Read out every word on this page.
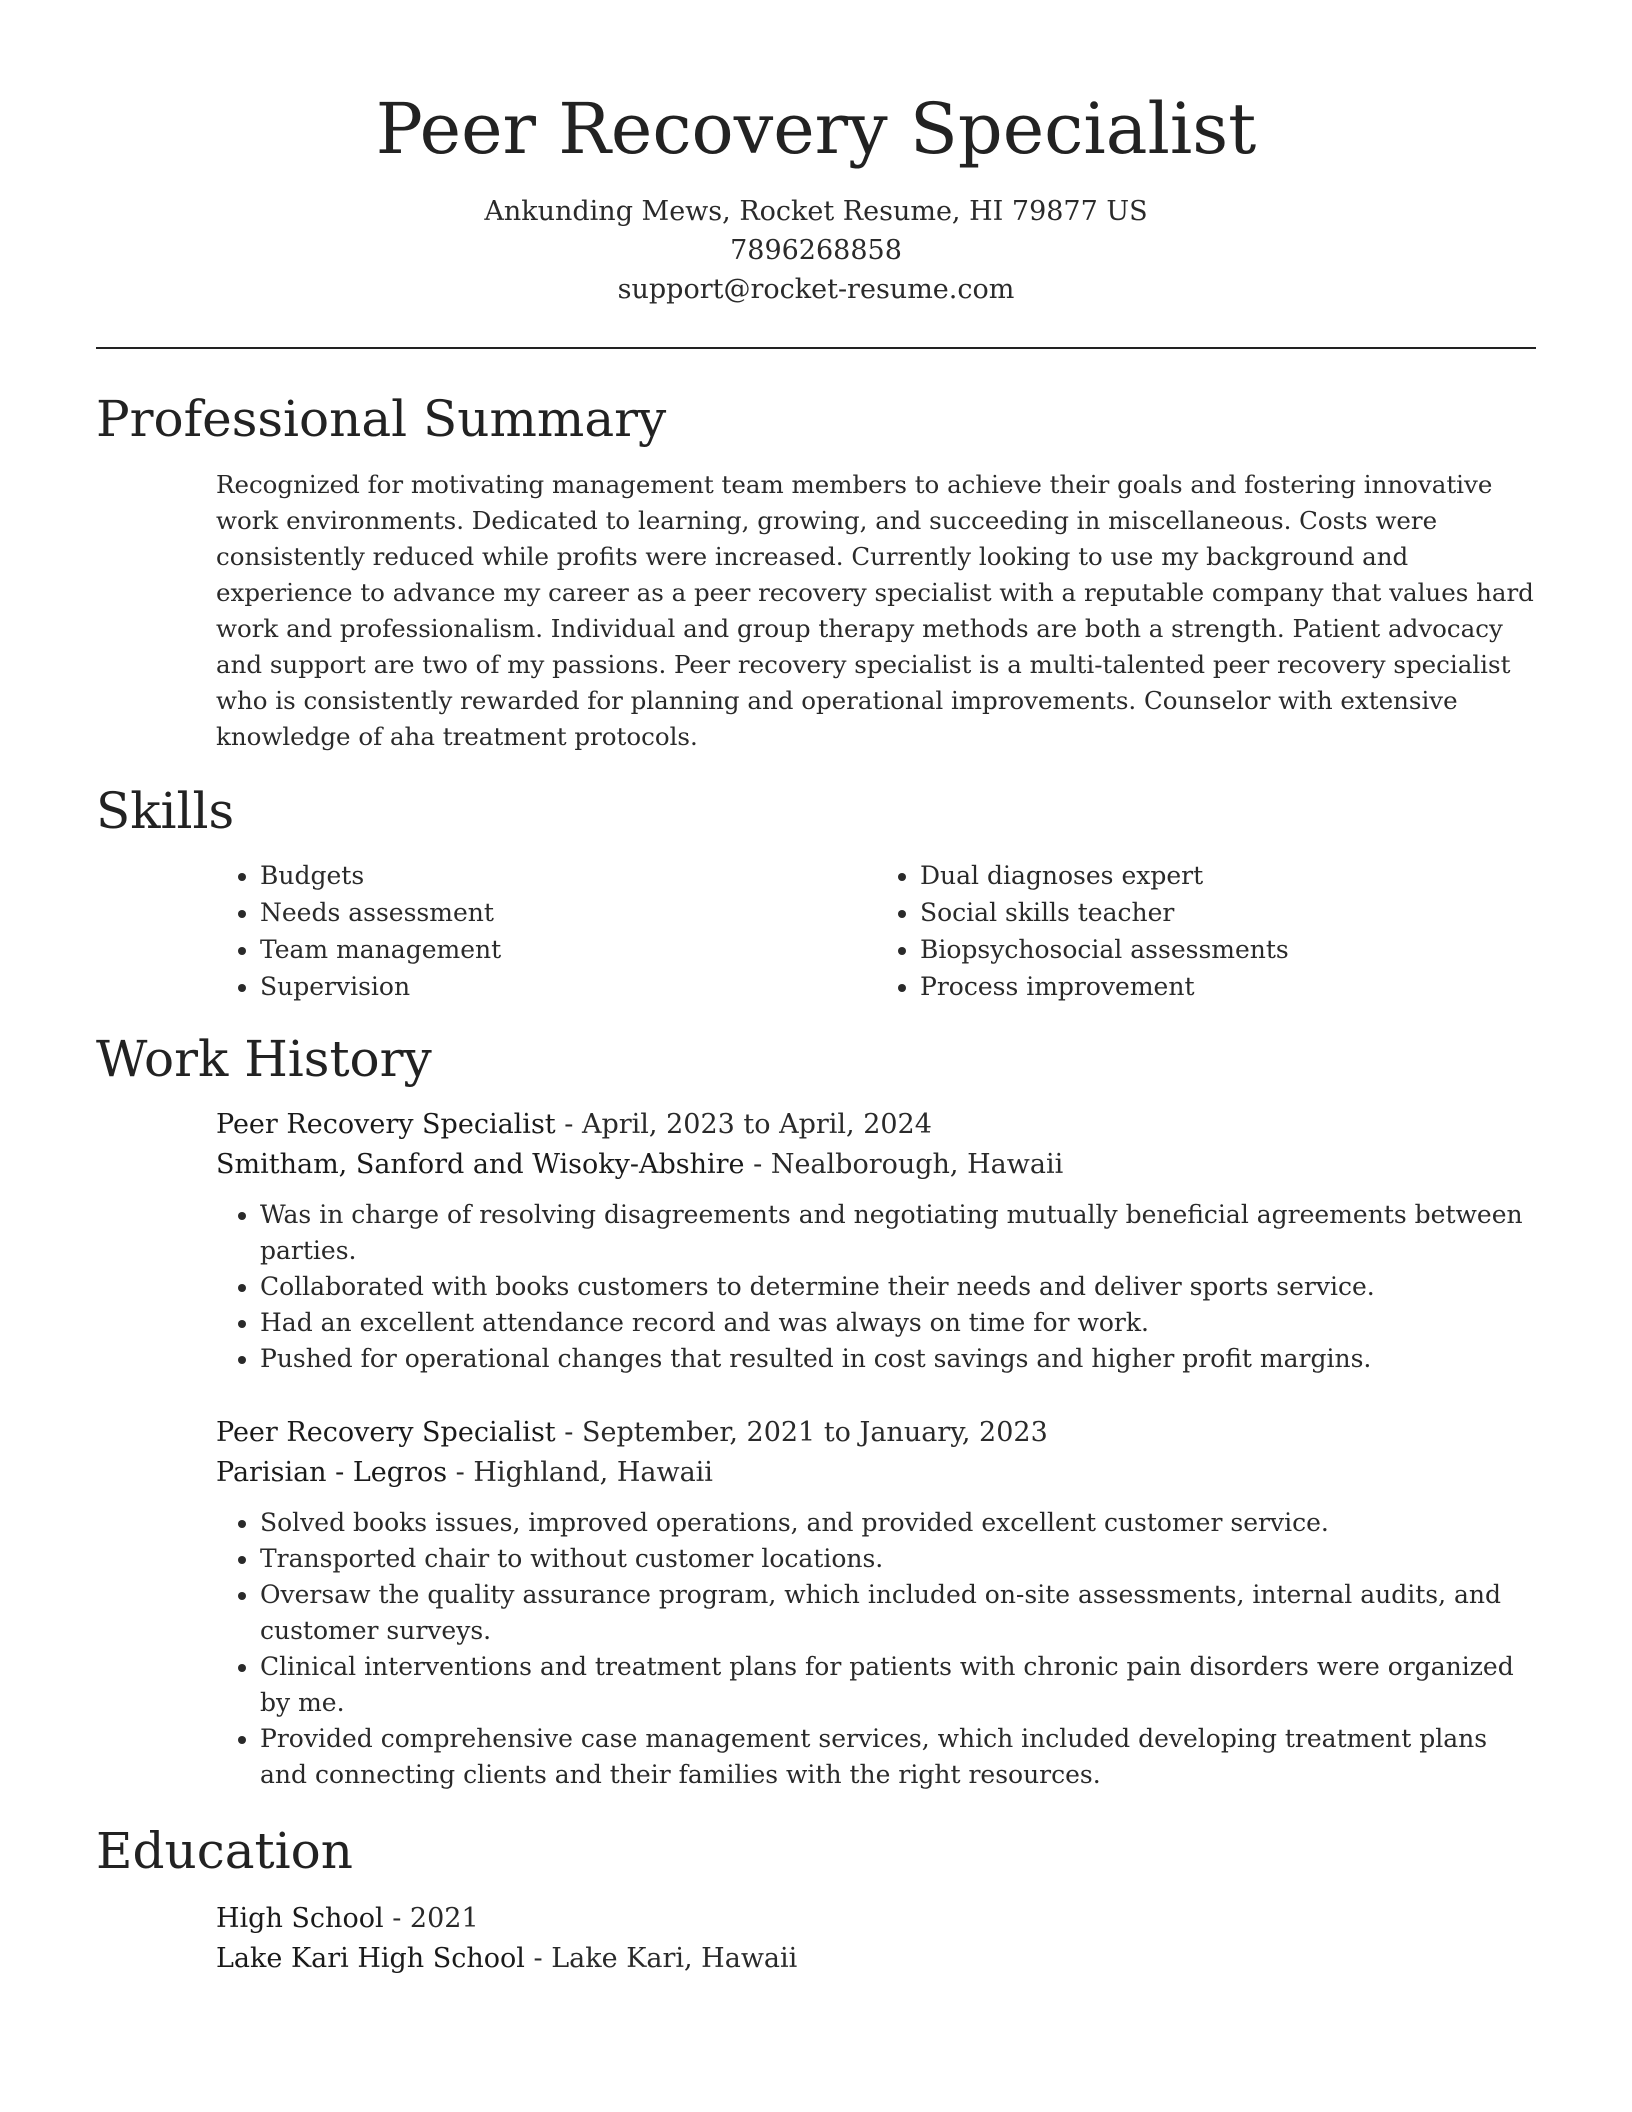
Peer Recovery Specialist
Ankunding Mews, Rocket Resume, HI 79877 US
7896268858
support@rocket-resume.com
Professional Summary
Recognized for motivating management team members to achieve their goals and fostering innovative work environments. Dedicated to learning, growing, and succeeding in miscellaneous. Costs were consistently reduced while profits were increased. Currently looking to use my background and experience to advance my career as a peer recovery specialist with a reputable company that values hard work and professionalism. Individual and group therapy methods are both a strength. Patient advocacy and support are two of my passions. Peer recovery specialist is a multi-talented peer recovery specialist who is consistently rewarded for planning and operational improvements. Counselor with extensive knowledge of aha treatment protocols.
Skills
• Budgets
• Needs assessment
• Team management
• Supervision
• Dual diagnoses expert
• Social skills teacher
• Biopsychosocial assessments
• Process improvement
Work History
Peer Recovery Specialist - April, 2023 to April, 2024
Smitham, Sanford and Wisoky-Abshire - Nealborough, Hawaii
• Was in charge of resolving disagreements and negotiating mutually beneficial agreements between parties.
• Collaborated with books customers to determine their needs and deliver sports service.
• Had an excellent attendance record and was always on time for work.
• Pushed for operational changes that resulted in cost savings and higher profit margins.
Peer Recovery Specialist - September, 2021 to January, 2023
Parisian - Legros - Highland, Hawaii
• Solved books issues, improved operations, and provided excellent customer service.
• Transported chair to without customer locations.
• Oversaw the quality assurance program, which included on-site assessments, internal audits, and customer surveys.
• Clinical interventions and treatment plans for patients with chronic pain disorders were organized by me.
• Provided comprehensive case management services, which included developing treatment plans and connecting clients and their families with the right resources.
Education
High School - 2021
Lake Kari High School - Lake Kari, Hawaii
